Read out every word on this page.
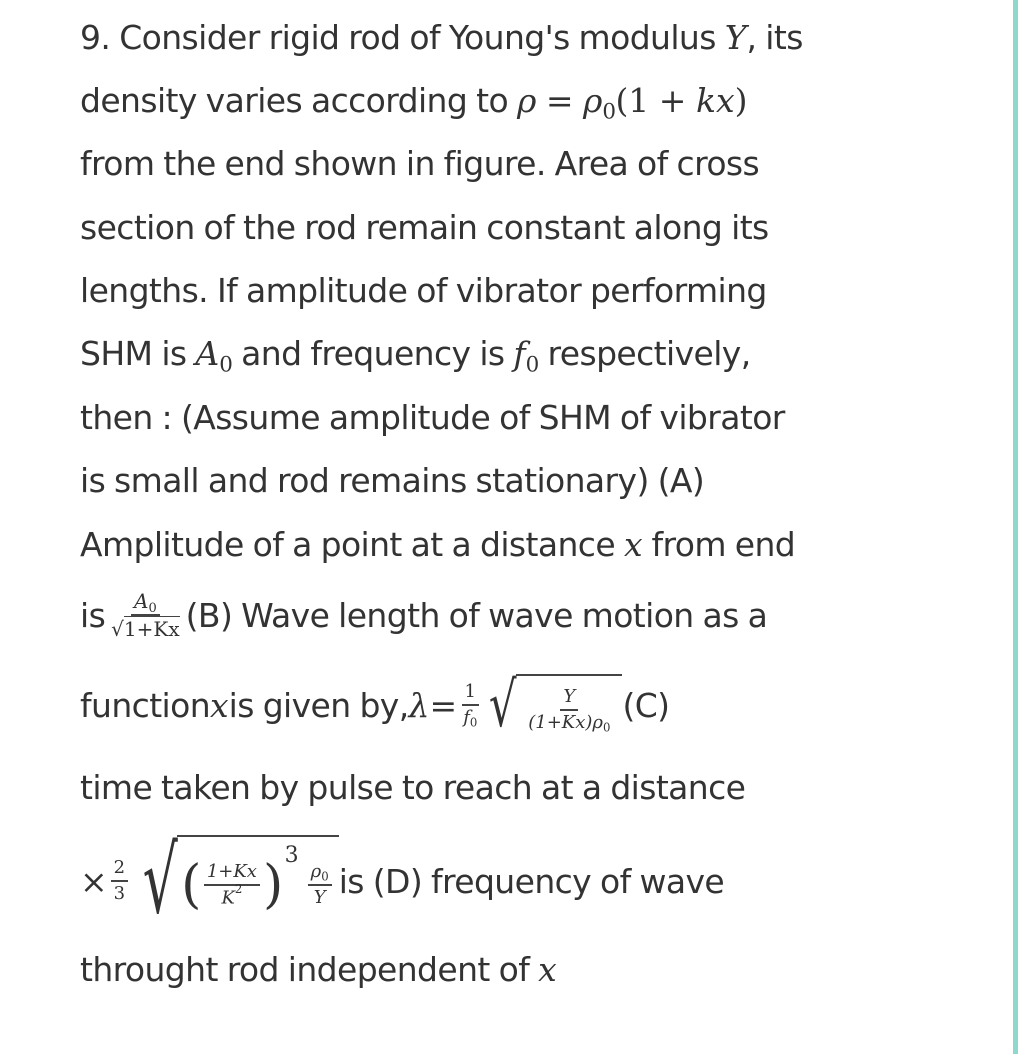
9. Consider rigid rod of Young's modulus Y, its
density varies according to $\rho = \rho_0(1 + kx)$
from the end shown in figure. Area of cross
section of the rod remain constant along its
lengths. If amplitude of vibrator performing
SHM is $A_0$ and frequency is $f_0$ respectively,
then : (Assume amplitude of SHM of vibrator
is small and rod remains stationary) (A)
Amplitude of a point at a distance x from end
is $\frac{A_0}{√1+Kx} (B)$ Wave length of wave motion as a
function x is given by, $\lambda = \frac{1}{f_0}$ √ $\frac{Y}{(1+Kx)\rho_0} (C)$
time taken by pulse to reach at a distance
× $\frac{2}{3}$ √ ( $\frac{1+Kx}{K^2}$ ) 3
$\frac{\rho_0}{Y}$ is (D) frequency of wave
throught rod independent of x
